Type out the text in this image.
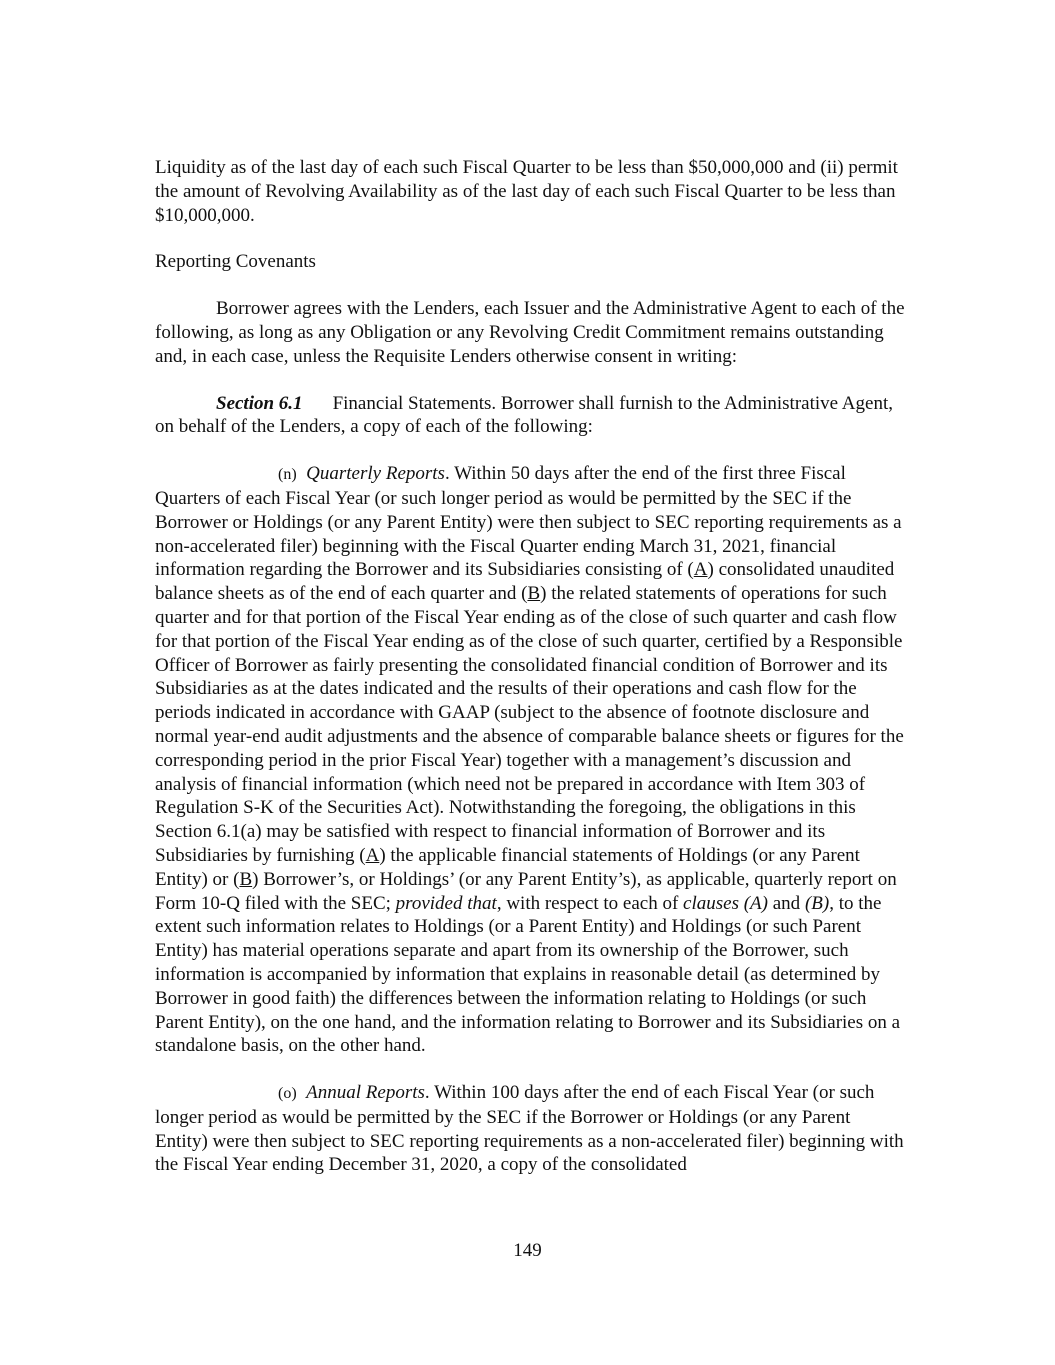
Liquidity as of the last day of each such Fiscal Quarter to be less than $50,000,000 and (ii) permit the amount of Revolving Availability as of the last day of each such Fiscal Quarter to be less than $10,000,000.

Reporting Covenants

Borrower agrees with the Lenders, each Issuer and the Administrative Agent to each of the following, as long as any Obligation or any Revolving Credit Commitment remains outstanding and, in each case, unless the Requisite Lenders otherwise consent in writing:

Section 6.1 Financial Statements. Borrower shall furnish to the Administrative Agent, on behalf of the Lenders, a copy of each of the following:

(n) Quarterly Reports. Within 50 days after the end of the first three Fiscal Quarters of each Fiscal Year (or such longer period as would be permitted by the SEC if the Borrower or Holdings (or any Parent Entity) were then subject to SEC reporting requirements as a non-accelerated filer) beginning with the Fiscal Quarter ending March 31, 2021, financial information regarding the Borrower and its Subsidiaries consisting of (A) consolidated unaudited balance sheets as of the end of each quarter and (B) the related statements of operations for such quarter and for that portion of the Fiscal Year ending as of the close of such quarter and cash flow for that portion of the Fiscal Year ending as of the close of such quarter, certified by a Responsible Officer of Borrower as fairly presenting the consolidated financial condition of Borrower and its Subsidiaries as at the dates indicated and the results of their operations and cash flow for the periods indicated in accordance with GAAP (subject to the absence of footnote disclosure and normal year-end audit adjustments and the absence of comparable balance sheets or figures for the corresponding period in the prior Fiscal Year) together with a management’s discussion and analysis of financial information (which need not be prepared in accordance with Item 303 of Regulation S-K of the Securities Act). Notwithstanding the foregoing, the obligations in this Section 6.1(a) may be satisfied with respect to financial information of Borrower and its Subsidiaries by furnishing (A) the applicable financial statements of Holdings (or any Parent Entity) or (B) Borrower’s, or Holdings’ (or any Parent Entity’s), as applicable, quarterly report on Form 10-Q filed with the SEC; provided that, with respect to each of clauses (A) and (B), to the extent such information relates to Holdings (or a Parent Entity) and Holdings (or such Parent Entity) has material operations separate and apart from its ownership of the Borrower, such information is accompanied by information that explains in reasonable detail (as determined by Borrower in good faith) the differences between the information relating to Holdings (or such Parent Entity), on the one hand, and the information relating to Borrower and its Subsidiaries on a standalone basis, on the other hand.

(o) Annual Reports. Within 100 days after the end of each Fiscal Year (or such longer period as would be permitted by the SEC if the Borrower or Holdings (or any Parent Entity) were then subject to SEC reporting requirements as a non-accelerated filer) beginning with the Fiscal Year ending December 31, 2020, a copy of the consolidated

149
